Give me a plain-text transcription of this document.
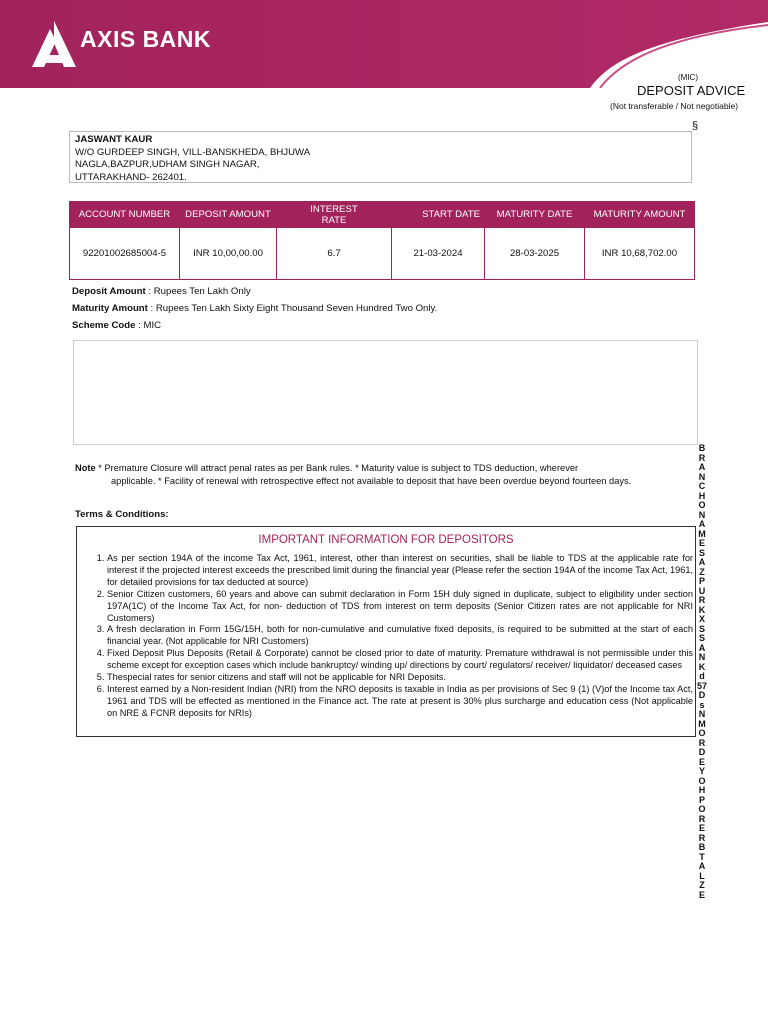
AXIS BANK
(MIC)
DEPOSIT ADVICE
(Not transferable / Not negotiable)
§
JASWANT KAUR
W/O GURDEEP SINGH, VILL-BANSKHEDA, BHJUWA
NAGLA,BAZPUR,UDHAM SINGH NAGAR,
UTTARAKHAND- 262401.
ACCOUNT NUMBER	DEPOSIT AMOUNT	INTEREST RATE	START DATE	MATURITY DATE	MATURITY AMOUNT
92201002685004-5	INR 10,00,00.00	6.7	21-03-2024	28-03-2025	INR 10,68,702.00
Deposit Amount : Rupees Ten Lakh Only
Maturity Amount : Rupees Ten Lakh Sixty Eight Thousand Seven Hundred Two Only.
Scheme Code : MIC
Note * Premature Closure will attract penal rates as per Bank rules. * Maturity value is subject to TDS deduction, wherever
applicable. * Facility of renewal with retrospective effect not available to deposit that have been overdue beyond fourteen days.
Terms & Conditions:
IMPORTANT INFORMATION FOR DEPOSITORS
1. As per section 194A of the income Tax Act, 1961, interest, other than interest on securities, shall be liable to TDS at the applicable rate for interest if the projected interest exceeds the prescribed limit during the financial year (Please refer the section 194A of the income Tax Act, 1961, for detailed provisions for tax deducted at source)
2. Senior Citizen customers, 60 years and above can submit declaration in Form 15H duly signed in duplicate, subject to eligibility under section 197A(1C) of the Income Tax Act, for non- deduction of TDS from interest on term deposits (Senior Citizen rates are not applicable for NRI Customers)
3. A fresh declaration in Form 15G/15H, both for non-cumulative and cumulative fixed deposits, is required to be submitted at the start of each financial year. (Not applicable for NRI Customers)
4. Fixed Deposit Plus Deposits (Retail & Corporate) cannot be closed prior to date of maturity. Premature withdrawal is not permissible under this scheme except for exception cases which include bankruptcy/ winding up/ directions by court/ regulators/ receiver/ liquidator/ deceased cases
5. Thespecial rates for senior citizens and staff will not be applicable for NRI Deposits.
6. Interest earned by a Non-resident Indian (NRI) from the NRO deposits is taxable in India as per provisions of Sec 9 (1) (V)of the Income tax Act, 1961 and TDS will be effected as mentioned in the Finance act. The rate at present is 30% plus surcharge and education cess (Not applicable on NRE & FCNR deposits for NRIs)
BRANCH ONAME S AZPUR KXSSANK d57Ds NMORDEY OHPORERBTALZE
